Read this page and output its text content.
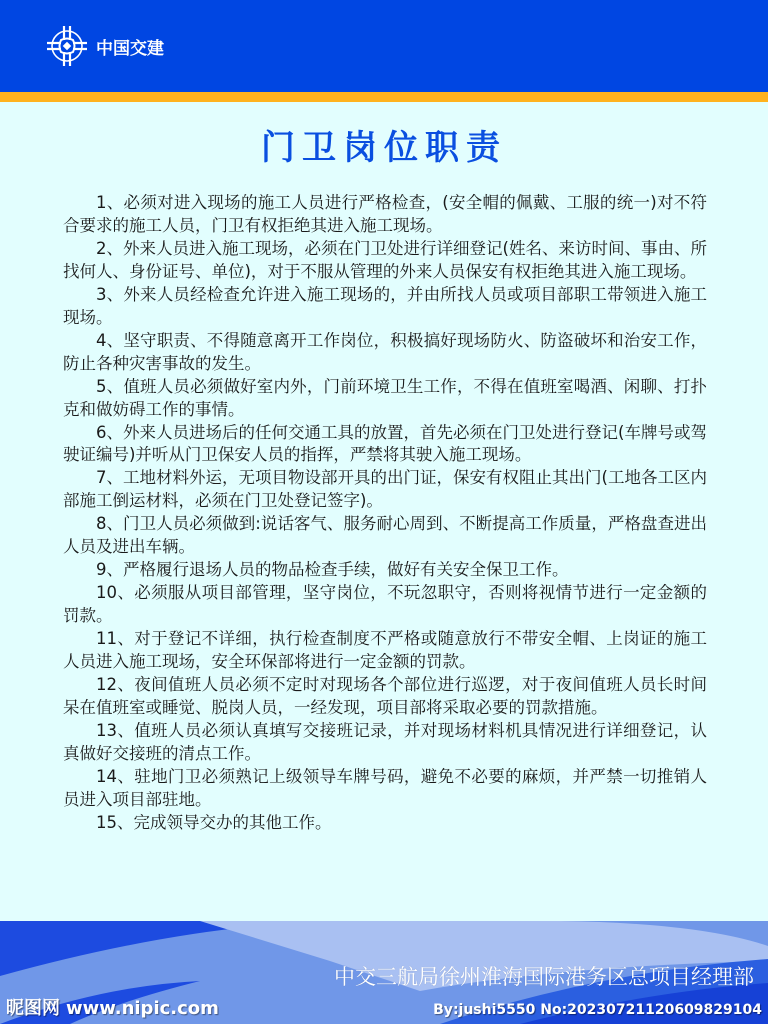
中国交建
门卫岗位职责

1、必须对进入现场的施工人员进行严格检查，(安全帽的佩戴、工服的统一)对不符合要求的施工人员，门卫有权拒绝其进入施工现场。

2、外来人员进入施工现场，必须在门卫处进行详细登记(姓名、来访时间、事由、所找何人、身份证号、单位)，对于不服从管理的外来人员保安有权拒绝其进入施工现场。

3、外来人员经检查允许进入施工现场的，并由所找人员或项目部职工带领进入施工现场。

4、坚守职责、不得随意离开工作岗位，积极搞好现场防火、防盗破坏和治安工作，防止各种灾害事故的发生。

5、值班人员必须做好室内外，门前环境卫生工作，不得在值班室喝酒、闲聊、打扑克和做妨碍工作的事情。

6、外来人员进场后的任何交通工具的放置，首先必须在门卫处进行登记(车牌号或驾驶证编号)并听从门卫保安人员的指挥，严禁将其驶入施工现场。

7、工地材料外运，无项目物设部开具的出门证，保安有权阻止其出门(工地各工区内部施工倒运材料，必须在门卫处登记签字)。

8、门卫人员必须做到:说话客气、服务耐心周到、不断提高工作质量，严格盘查进出人员及进出车辆。

9、严格履行退场人员的物品检查手续，做好有关安全保卫工作。

10、必须服从项目部管理，坚守岗位，不玩忽职守，否则将视情节进行一定金额的罚款。

11、对于登记不详细，执行检查制度不严格或随意放行不带安全帽、上岗证的施工人员进入施工现场，安全环保部将进行一定金额的罚款。

12、夜间值班人员必须不定时对现场各个部位进行巡逻，对于夜间值班人员长时间呆在值班室或睡觉、脱岗人员，一经发现，项目部将采取必要的罚款措施。

13、值班人员必须认真填写交接班记录，并对现场材料机具情况进行详细登记，认真做好交接班的清点工作。

14、驻地门卫必须熟记上级领导车牌号码，避免不必要的麻烦，并严禁一切推销人员进入项目部驻地。

15、完成领导交办的其他工作。

中交三航局徐州淮海国际港务区总项目经理部
昵图网 www.nipic.com	By:jushi5550 No:20230721120609829104
